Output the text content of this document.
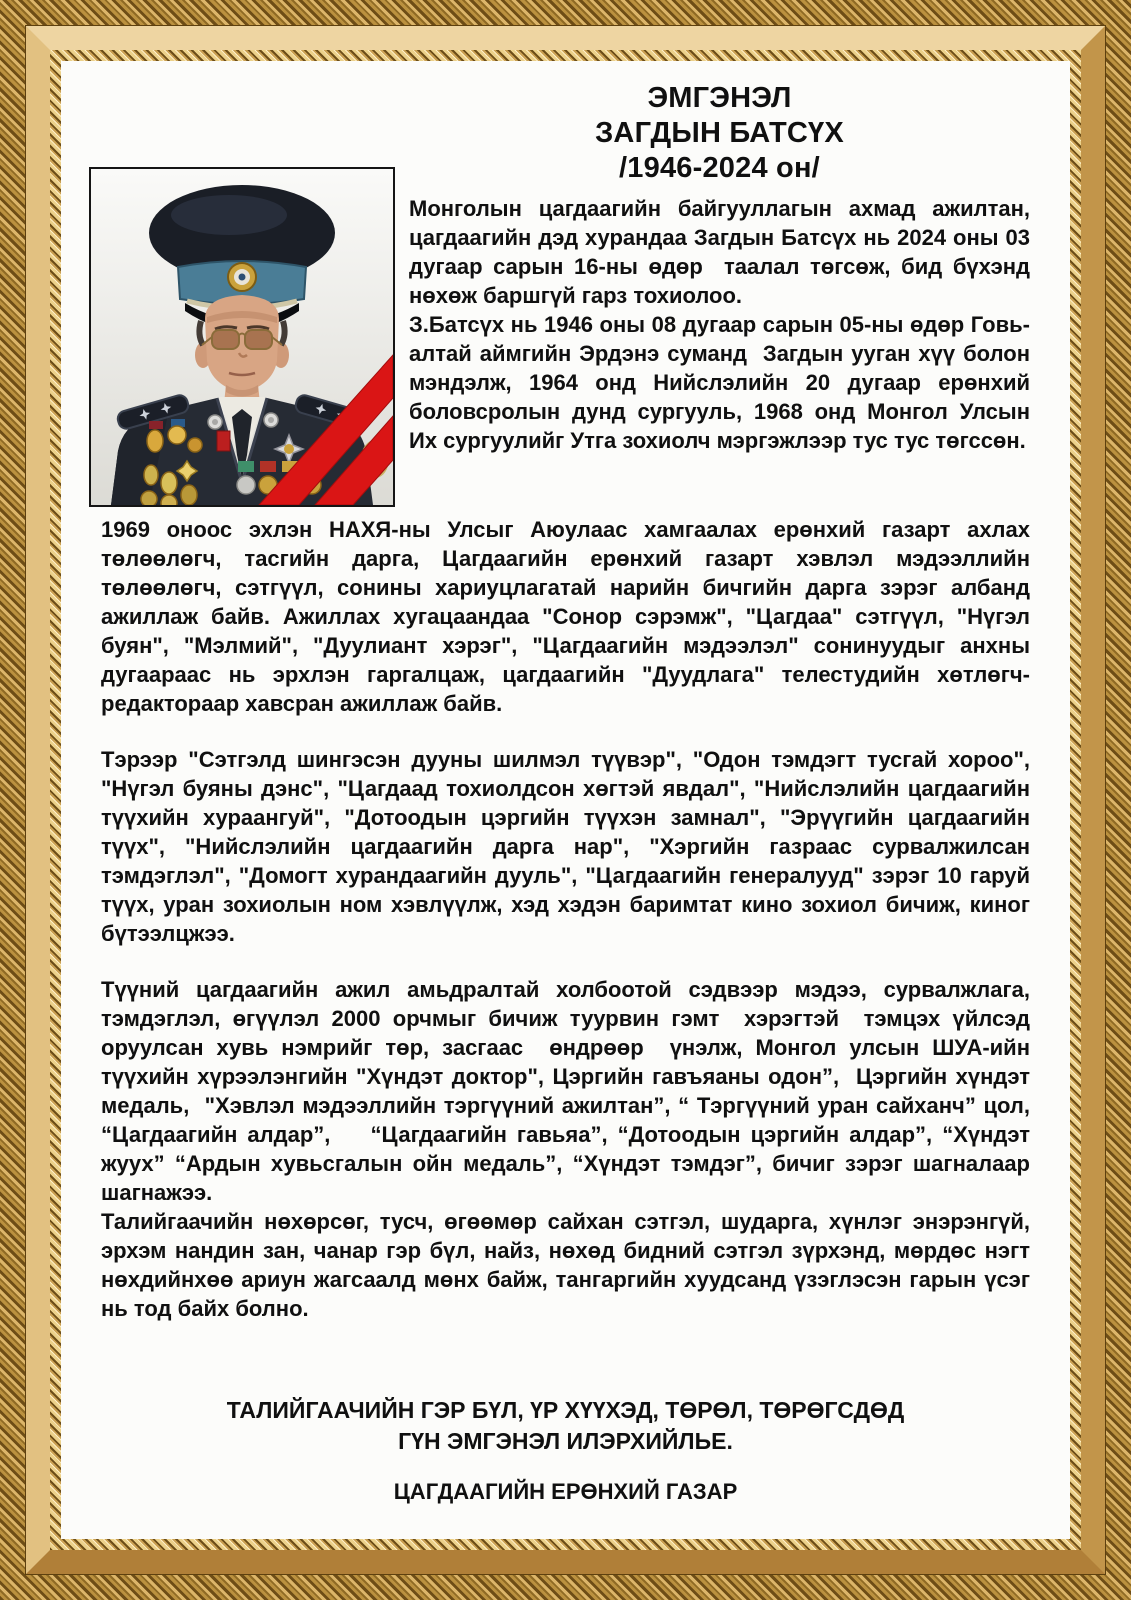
ЭМГЭНЭЛ
ЗАГДЫН БАТСҮХ
/1946-2024 он/

Монголын цагдаагийн байгууллагын ахмад ажилтан, цагдаагийн дэд хурандаа Загдын Батсүх нь 2024 оны 03 дугаар сарын 16-ны өдөр  таалал төгсөж, бид бүхэнд нөхөж баршгүй гарз тохиолоо.

З.Батсүх нь 1946 оны 08 дугаар сарын 05-ны өдөр Говь-алтай аймгийн Эрдэнэ суманд  Загдын ууган хүү болон мэндэлж, 1964 онд Нийслэлийн 20 дугаар ерөнхий боловсролын дунд сургууль, 1968 онд Монгол Улсын Их сургуулийг Утга зохиолч мэргэжлээр тус тус төгссөн.

1969 оноос эхлэн НАХЯ-ны Улсыг Аюулаас хамгаалах ерөнхий газарт ахлах төлөөлөгч, тасгийн дарга, Цагдаагийн ерөнхий газарт хэвлэл мэдээллийн төлөөлөгч, сэтгүүл, сонины хариуцлагатай нарийн бичгийн дарга зэрэг албанд ажиллаж байв. Ажиллах хугацаандаа "Сонор сэрэмж", "Цагдаа" сэтгүүл, "Нүгэл буян", "Мэлмий", "Дуулиант хэрэг", "Цагдаагийн мэдээлэл" сонинуудыг анхны дугаараас нь эрхлэн гаргалцаж, цагдаагийн "Дуудлага" телестудийн хөтлөгч-редактораар хавсран ажиллаж байв.

Тэрээр "Сэтгэлд шингэсэн дууны шилмэл түүвэр", "Одон тэмдэгт тусгай хороо", "Нүгэл буяны дэнс", "Цагдаад тохиолдсон хөгтэй явдал", "Нийслэлийн цагдаагийн түүхийн хураангуй", "Дотоодын цэргийн түүхэн замнал", "Эрүүгийн цагдаагийн түүх", "Нийслэлийн цагдаагийн дарга нар", "Хэргийн газраас сурвалжилсан тэмдэглэл", "Домогт хурандаагийн дууль", "Цагдаагийн генералууд" зэрэг 10 гаруй түүх, уран зохиолын ном хэвлүүлж, хэд хэдэн баримтат кино зохиол бичиж, киног бүтээлцжээ.

Түүний цагдаагийн ажил амьдралтай холбоотой сэдвээр мэдээ, сурвалжлага, тэмдэглэл, өгүүлэл 2000 орчмыг бичиж туурвин гэмт  хэрэгтэй  тэмцэх үйлсэд оруулсан хувь нэмрийг төр, засгаас  өндрөөр  үнэлж, Монгол улсын ШУА-ийн түүхийн хүрээлэнгийн "Хүндэт доктор", Цэргийн гавъяаны одон”,  Цэргийн хүндэт медаль,  "Хэвлэл мэдээллийн тэргүүний ажилтан”, “ Тэргүүний уран сайханч” цол, “Цагдаагийн алдар”,    “Цагдаагийн гавьяа”, “Дотоодын цэргийн алдар”, “Хүндэт жуух” “Ардын хувьсгалын ойн медаль”, “Хүндэт тэмдэг”, бичиг зэрэг шагналаар шагнажээ.

Талийгаачийн нөхөрсөг, тусч, өгөөмөр сайхан сэтгэл, шударга, хүнлэг энэрэнгүй, эрхэм нандин зан, чанар гэр бүл, найз, нөхөд бидний сэтгэл зүрхэнд, мөрдөс нэгт нөхдийнхөө ариун жагсаалд мөнх байж, тангаргийн хуудсанд үзэглэсэн гарын үсэг нь тод байх болно.

ТАЛИЙГААЧИЙН ГЭР БҮЛ, ҮР ХҮҮХЭД, ТӨРӨЛ, ТӨРӨГСДӨД
ГҮН ЭМГЭНЭЛ ИЛЭРХИЙЛЬЕ.
ЦАГДААГИЙН ЕРӨНХИЙ ГАЗАР
